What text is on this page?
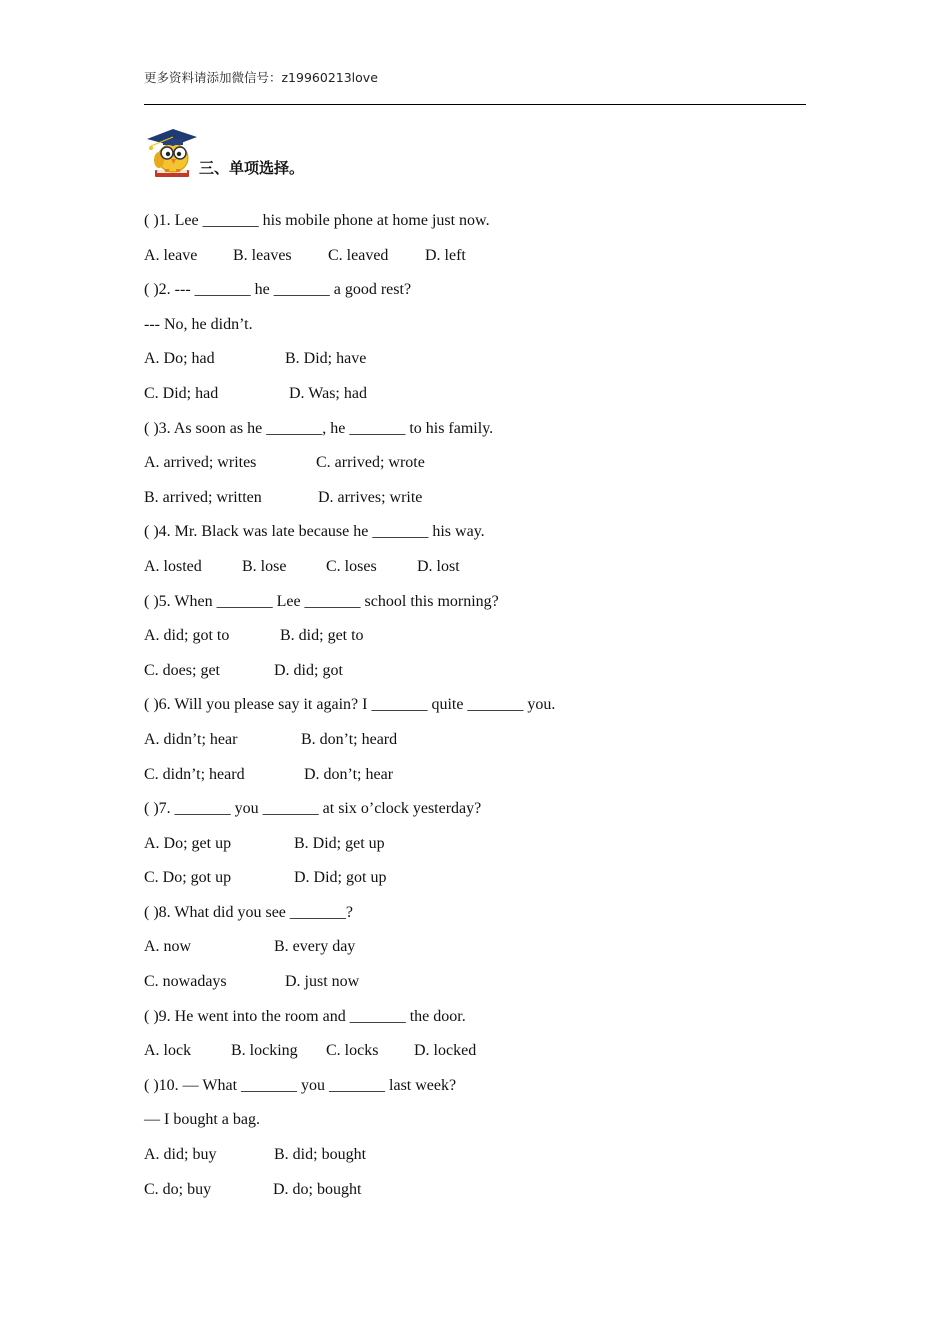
更多资料请添加微信号：z19960213love
三、单项选择。
( )1. Lee _______ his mobile phone at home just now.
A. leave	B. leaves	C. leaved	D. left
( )2. --- _______ he _______ a good rest?
--- No, he didn’t.
A. Do; had	B. Did; have
C. Did; had	D. Was; had
( )3. As soon as he _______, he _______ to his family.
A. arrived; writes	C. arrived; wrote
B. arrived; written	D. arrives; write
( )4. Mr. Black was late because he _______ his way.
A. losted	B. lose	C. loses	D. lost
( )5. When _______ Lee _______ school this morning?
A. did; got to	B. did; get to
C. does; get	D. did; got
( )6. Will you please say it again? I _______ quite _______ you.
A. didn’t; hear	B. don’t; heard
C. didn’t; heard	D. don’t; hear
( )7. _______ you _______ at six o’clock yesterday?
A. Do; get up	B. Did; get up
C. Do; got up	D. Did; got up
( )8. What did you see _______?
A. now	B. every day
C. nowadays	D. just now
( )9. He went into the room and _______ the door.
A. lock	B. locking	C. locks	D. locked
( )10. — What _______ you _______ last week?
— I bought a bag.
A. did; buy	B. did; bought
C. do; buy	D. do; bought
